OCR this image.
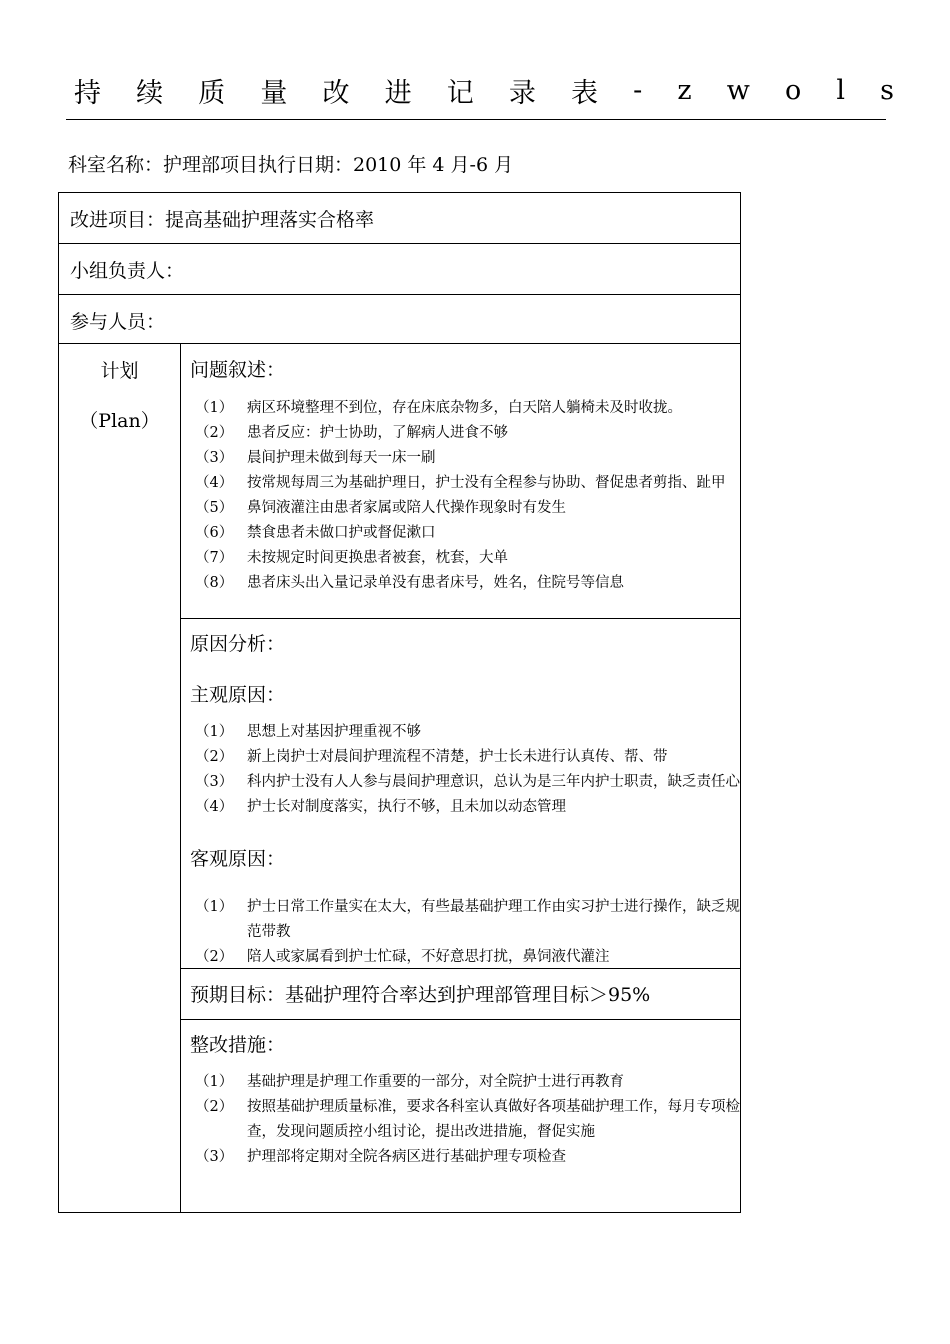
持 续 质 量 改 进 记 录 表 - z w o l s
科室名称：护理部项目执行日期：2010 年 4 月-6 月
改进项目：提高基础护理落实合格率
小组负责人：
参与人员：
计划
（Plan）
问题叙述：
（1） 病区环境整理不到位，存在床底杂物多，白天陪人躺椅未及时收拢。
（2） 患者反应：护士协助，了解病人进食不够
（3） 晨间护理未做到每天一床一刷
（4） 按常规每周三为基础护理日，护士没有全程参与协助、督促患者剪指、趾甲
（5） 鼻饲液灌注由患者家属或陪人代操作现象时有发生
（6） 禁食患者未做口护或督促漱口
（7） 未按规定时间更换患者被套，枕套，大单
（8） 患者床头出入量记录单没有患者床号，姓名，住院号等信息
原因分析：
主观原因：
（1） 思想上对基因护理重视不够
（2） 新上岗护士对晨间护理流程不清楚，护士长未进行认真传、帮、带
（3） 科内护士没有人人参与晨间护理意识，总认为是三年内护士职责，缺乏责任心
（4） 护士长对制度落实，执行不够，且未加以动态管理
客观原因：
（1） 护士日常工作量实在太大，有些最基础护理工作由实习护士进行操作，缺乏规范带教
（2） 陪人或家属看到护士忙碌，不好意思打扰，鼻饲液代灌注
预期目标：基础护理符合率达到护理部管理目标＞95%
整改措施：
（1） 基础护理是护理工作重要的一部分，对全院护士进行再教育
（2） 按照基础护理质量标准，要求各科室认真做好各项基础护理工作，每月专项检查，发现问题质控小组讨论，提出改进措施，督促实施
（3） 护理部将定期对全院各病区进行基础护理专项检查
